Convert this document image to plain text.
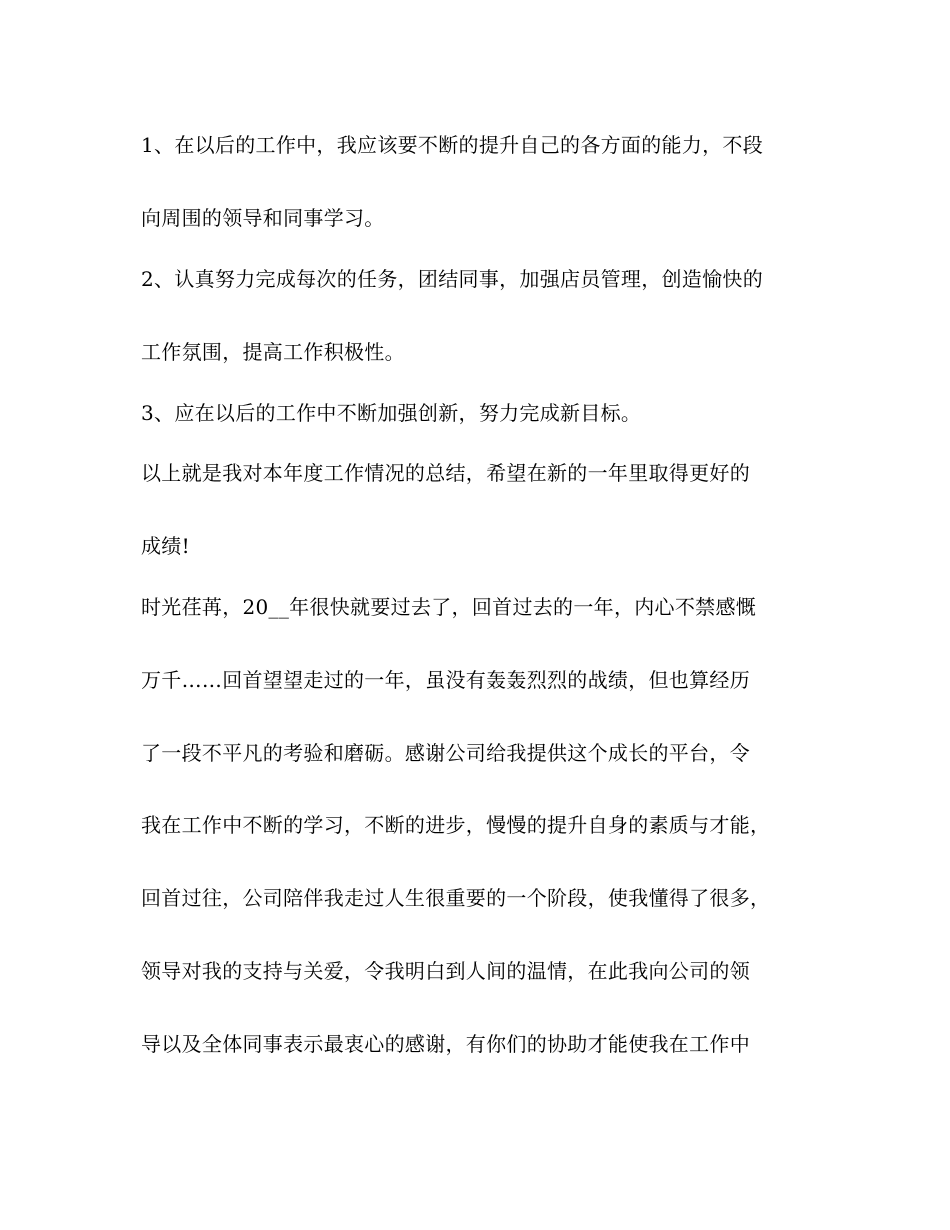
1、在以后的工作中，我应该要不断的提升自己的各方面的能力，不段
向周围的领导和同事学习。
2、认真努力完成每次的任务，团结同事，加强店员管理，创造愉快的
工作氛围，提高工作积极性。
3、应在以后的工作中不断加强创新，努力完成新目标。
以上就是我对本年度工作情况的总结，希望在新的一年里取得更好的
成绩!
时光荏苒，20__年很快就要过去了，回首过去的一年，内心不禁感慨
万千……回首望望走过的一年，虽没有轰轰烈烈的战绩，但也算经历
了一段不平凡的考验和磨砺。感谢公司给我提供这个成长的平台，令
我在工作中不断的学习，不断的进步，慢慢的提升自身的素质与才能，
回首过往，公司陪伴我走过人生很重要的一个阶段，使我懂得了很多，
领导对我的支持与关爱，令我明白到人间的温情，在此我向公司的领
导以及全体同事表示最衷心的感谢，有你们的协助才能使我在工作中
